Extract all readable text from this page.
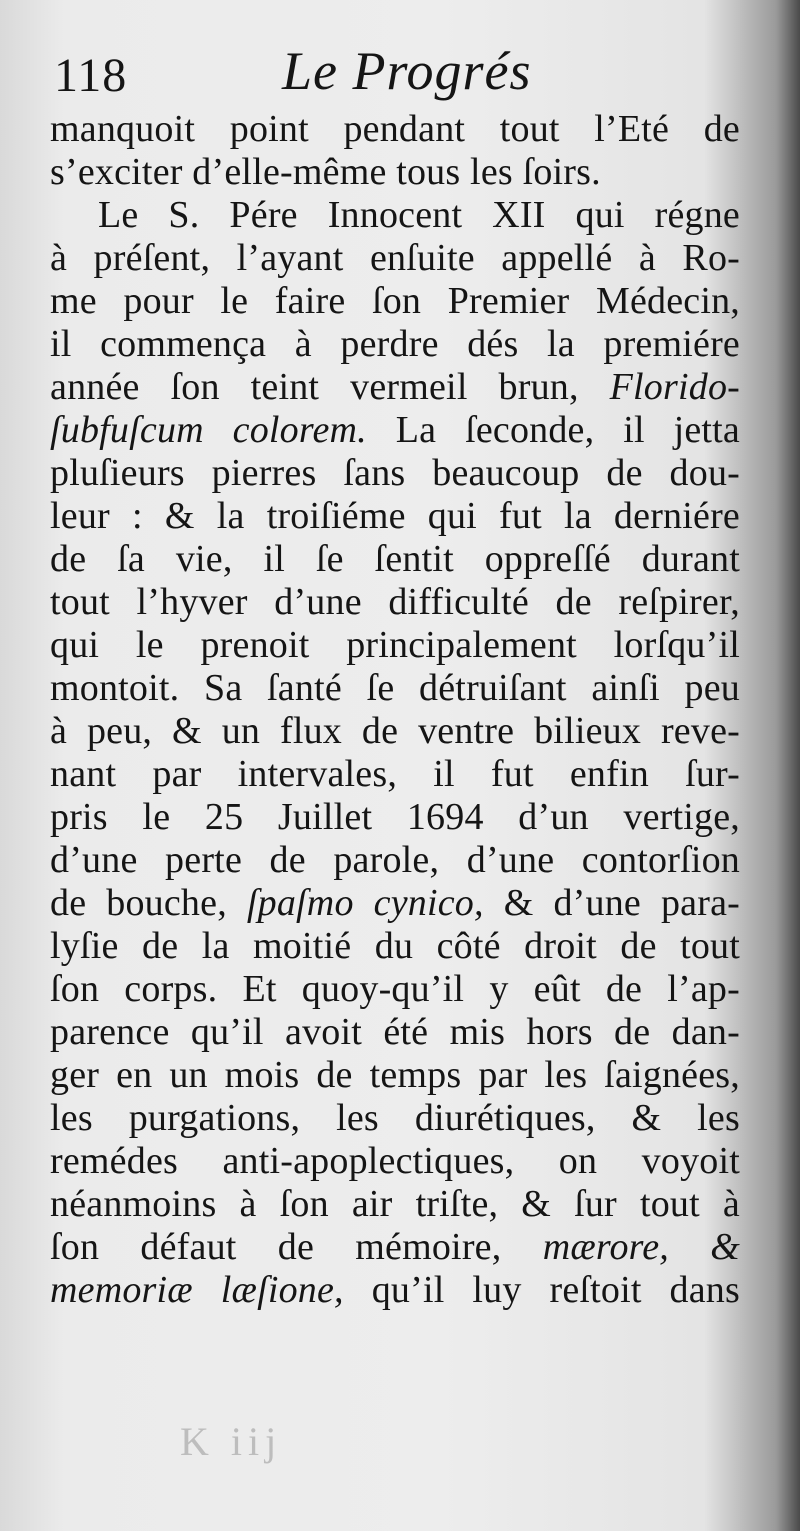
118	Le Progrés
manquoit point pendant tout l’Eté de
s’exciter d’elle-même tous les ſoirs.
Le S. Pére Innocent XII qui régne
à préſent, l’ayant enſuite appellé à Ro-
me pour le faire ſon Premier Médecin,
il commença à perdre dés la premiére
année ſon teint vermeil brun, Florido-
ſubfuſcum colorem. La ſeconde, il jetta
pluſieurs pierres ſans beaucoup de dou-
leur : & la troiſiéme qui fut la derniére
de ſa vie, il ſe ſentit oppreſſé durant
tout l’hyver d’une difficulté de reſpirer,
qui le prenoit principalement lorſqu’il
montoit. Sa ſanté ſe détruiſant ainſi peu
à peu, & un flux de ventre bilieux reve-
nant par intervales, il fut enfin ſur-
pris le 25 Juillet 1694 d’un vertige,
d’une perte de parole, d’une contorſion
de bouche, ſpaſmo cynico, & d’une para-
lyſie de la moitié du côté droit de tout
ſon corps. Et quoy-qu’il y eût de l’ap-
parence qu’il avoit été mis hors de dan-
ger en un mois de temps par les ſaignées,
les purgations, les diurétiques, & les
remédes anti-apoplectiques, on voyoit
néanmoins à ſon air triſte, & ſur tout à
ſon défaut de mémoire, mærore, &
memoriæ læſione, qu’il luy reſtoit dans
K iij
